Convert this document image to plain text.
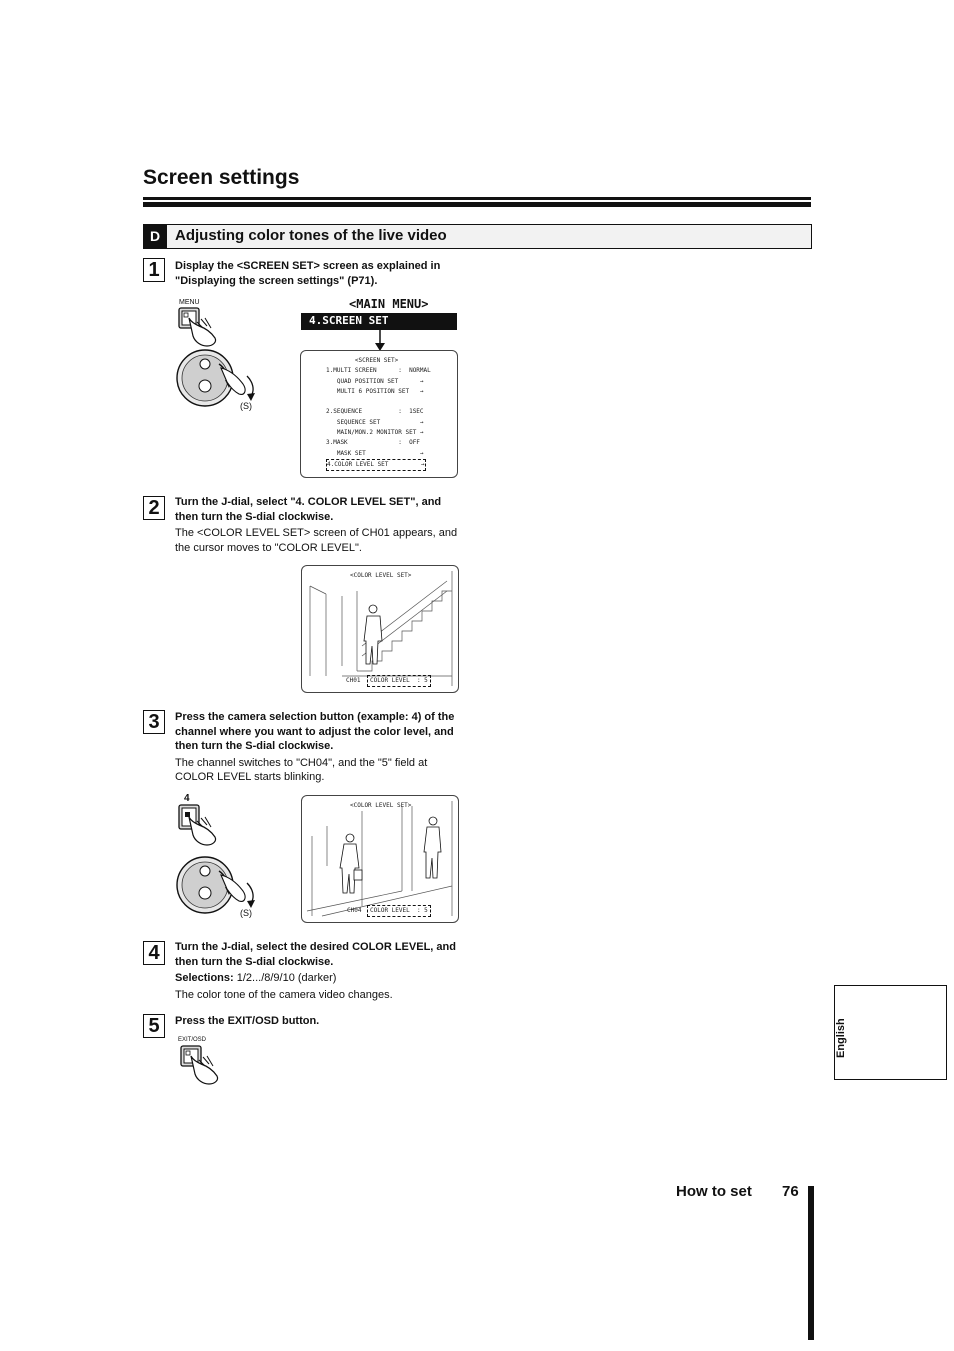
Screen settings
D Adjusting color tones of the live video
1	Display the <SCREEN SET> screen as explained in "Displaying the screen settings" (P71).
MENU
(S)
<MAIN MENU>
4.SCREEN SET
<SCREEN SET>
1.MULTI SCREEN      :  NORMAL
QUAD POSITION SET      →
MULTI 6 POSITION SET   →

2.SEQUENCE          :  1SEC
SEQUENCE SET           →
MAIN/MON.2 MONITOR SET →
3.MASK              :  OFF
MASK SET               →
4.COLOR LEVEL SET         →
2	Turn the J-dial, select "4. COLOR LEVEL SET", and then turn the S-dial clockwise.
The <COLOR LEVEL SET> screen of CH01 appears, and the cursor moves to "COLOR LEVEL".
<COLOR LEVEL SET>
CH01	COLOR LEVEL  : 5
3	Press the camera selection button (example: 4) of the channel where you want to adjust the color level, and then turn the S-dial clockwise.
The channel switches to "CH04", and the "5" field at COLOR LEVEL starts blinking.
4
(S)
<COLOR LEVEL SET>
CH04	COLOR LEVEL  : 5
4	Turn the J-dial, select the desired COLOR LEVEL, and then turn the S-dial clockwise.
Selections: 1/2.../8/9/10 (darker)
The color tone of the camera video changes.
5	Press the EXIT/OSD button.
EXIT/OSD	English
How to set 76
